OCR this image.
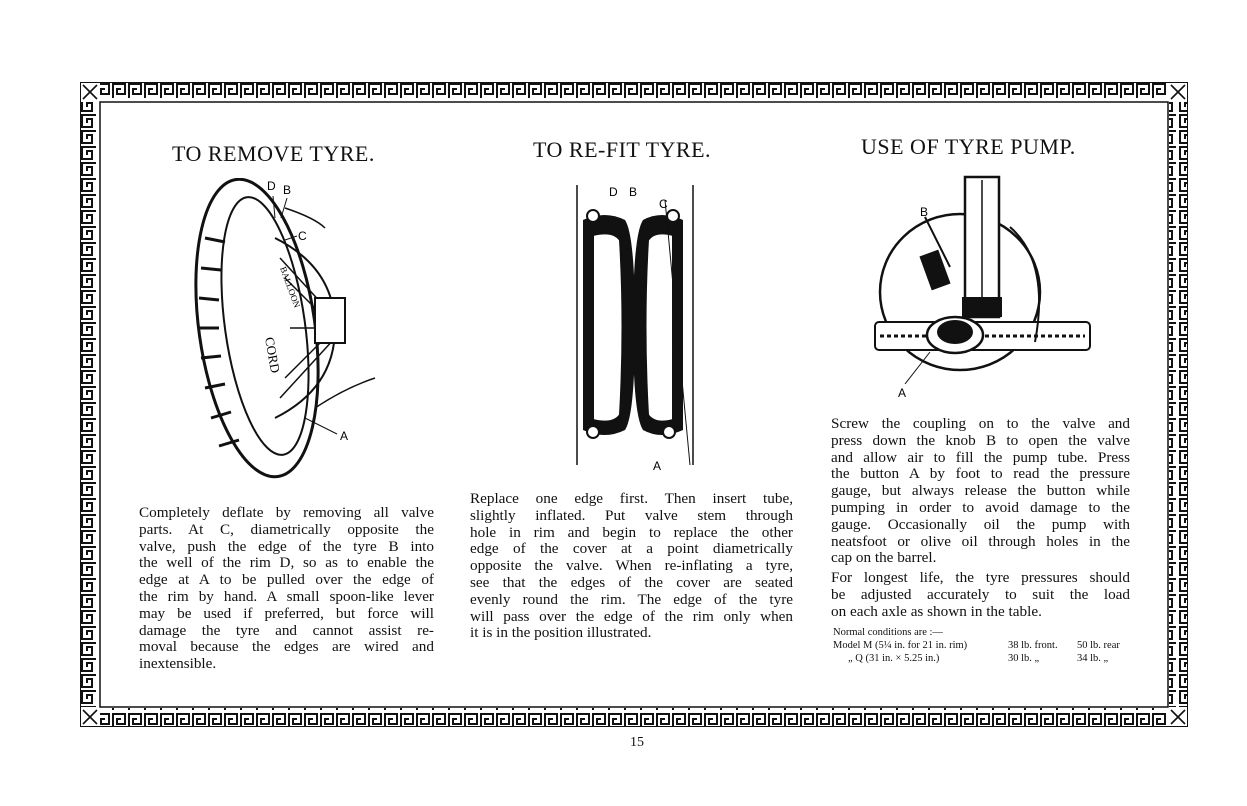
TO REMOVE TYRE.
BALLOON
CORD
D B
C
A
Completely deflate by removing all valve
parts. At C, diametrically opposite the
valve, push the edge of the tyre B into
the well of the rim D, so as to enable the
edge at A to be pulled over the edge of
the rim by hand. A small spoon-like lever
may be used if preferred, but force will
damage the tyre and cannot assist re-
moval because the edges are wired and
inextensible.
TO RE-FIT TYRE.
D B
C
A
Replace one edge first. Then insert tube,
slightly inflated. Put valve stem through
hole in rim and begin to replace the other
edge of the cover at a point diametrically
opposite the valve. When re-inflating a tyre,
see that the edges of the cover are seated
evenly round the rim. The edge of the tyre
will pass over the edge of the rim only when
it is in the position illustrated.
USE OF TYRE PUMP.
B
A
Screw the coupling on to the valve and
press down the knob B to open the valve
and allow air to fill the pump tube. Press
the button A by foot to read the pressure
gauge, but always release the button while
pumping in order to avoid damage to the
gauge. Occasionally oil the pump with
neatsfoot or olive oil through holes in the
cap on the barrel.
For longest life, the tyre pressures should
be adjusted accurately to suit the load
on each axle as shown in the table.
Normal conditions are :—
Model M (5¼ in. for 21 in. rim)	38 lb. front. 50 lb. rear
„ Q (31 in. × 5.25 in.)	30 lb. „	34 lb. „
15
